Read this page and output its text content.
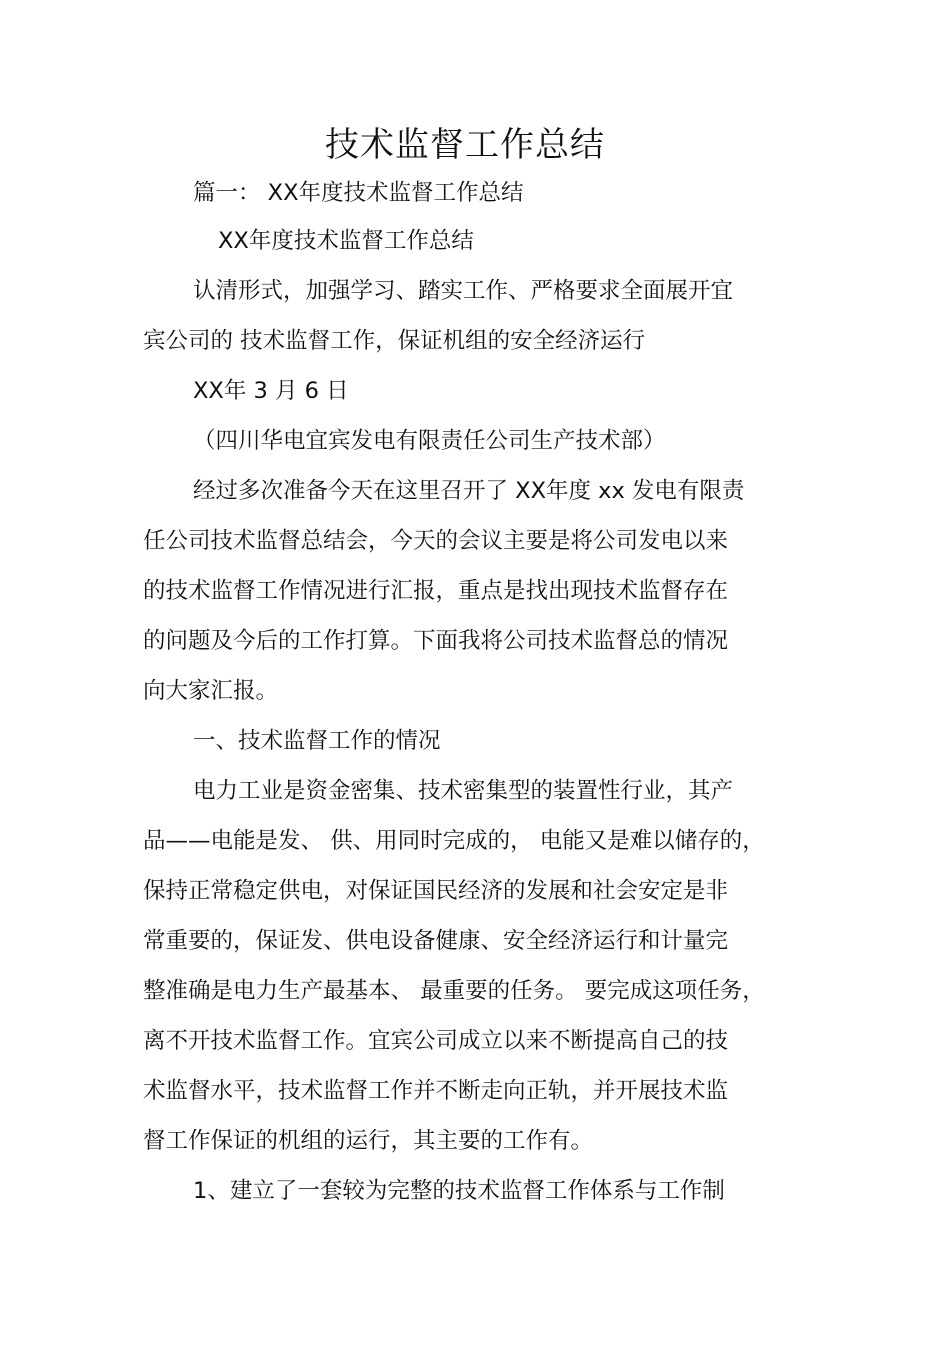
技术监督工作总结
篇一： XX年度技术监督工作总结
XX年度技术监督工作总结
认清形式，加强学习、踏实工作、严格要求全面展开宜
宾公司的 技术监督工作，保证机组的安全经济运行
XX年 3 月 6 日
（四川华电宜宾发电有限责任公司生产技术部）
经过多次准备今天在这里召开了 XX年度 xx 发电有限责
任公司技术监督总结会，今天的会议主要是将公司发电以来
的技术监督工作情况进行汇报，重点是找出现技术监督存在
的问题及今后的工作打算。下面我将公司技术监督总的情况
向大家汇报。
一、技术监督工作的情况
电力工业是资金密集、技术密集型的装置性行业，其产
品——电能是发、 供、用同时完成的， 电能又是难以储存的，
保持正常稳定供电，对保证国民经济的发展和社会安定是非
常重要的，保证发、供电设备健康、安全经济运行和计量完
整准确是电力生产最基本、 最重要的任务。 要完成这项任务，
离不开技术监督工作。宜宾公司成立以来不断提高自己的技
术监督水平，技术监督工作并不断走向正轨，并开展技术监
督工作保证的机组的运行，其主要的工作有。
1、建立了一套较为完整的技术监督工作体系与工作制
